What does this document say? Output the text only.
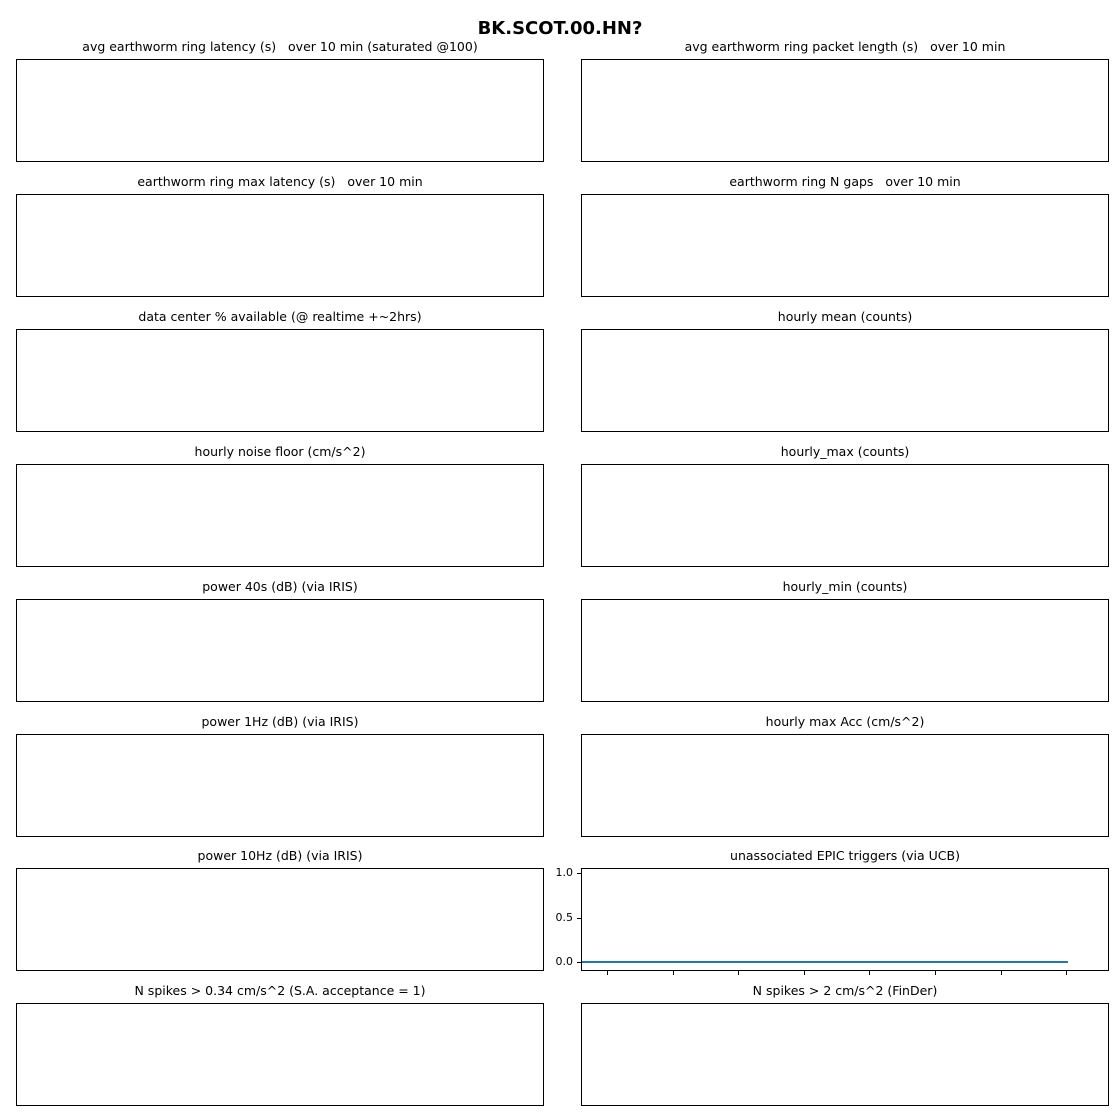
BK.SCOT.00.HN?
avg earthworm ring latency (s)   over 10 min (saturated @100)	avg earthworm ring packet length (s)   over 10 min
earthworm ring max latency (s)   over 10 min	earthworm ring N gaps   over 10 min
data center % available (@ realtime +~2hrs)	hourly mean (counts)
hourly noise floor (cm/s^2)	hourly_max (counts)
power 40s (dB) (via IRIS)	hourly_min (counts)
power 1Hz (dB) (via IRIS)	hourly max Acc (cm/s^2)
power 10Hz (dB) (via IRIS)	unassociated EPIC triggers (via UCB)
1.0
0.5
0.0
N spikes > 0.34 cm/s^2 (S.A. acceptance = 1)	N spikes > 2 cm/s^2 (FinDer)
